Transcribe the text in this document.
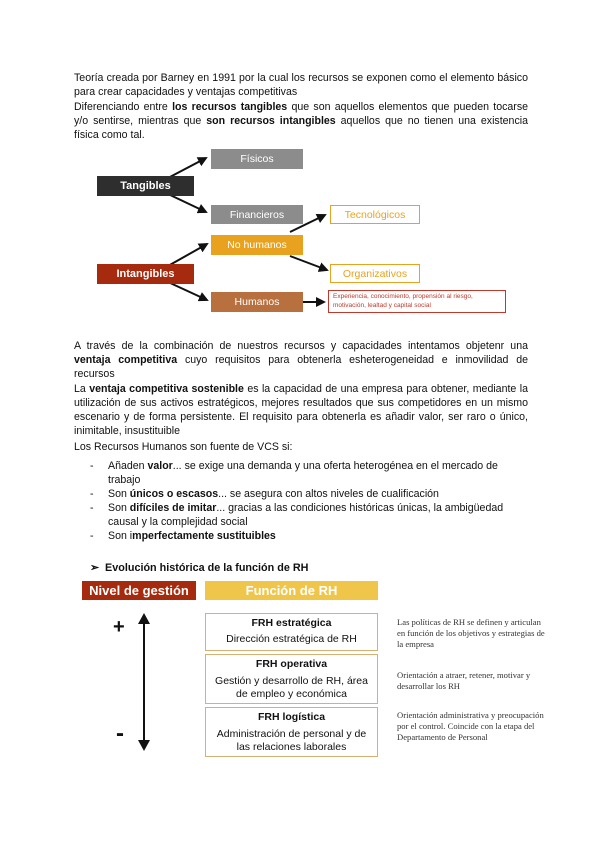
Teoría creada por Barney en 1991 por la cual los recursos se exponen como el elemento básico para crear capacidades y ventajas competitivas
Diferenciando entre los recursos tangibles que son aquellos elementos que pueden tocarse y/o sentirse, mientras que son recursos intangibles aquellos que no tienen una existencia física como tal.
Tangibles
Intangibles
Físicos
Financieros
No humanos
Humanos
Tecnológicos
Organizativos
Experiencia, conocimiento, propensión al riesgo, motivación, lealtad y capital social
A través de la combinación de nuestros recursos y capacidades intentamos objetenr una ventaja competitiva cuyo requisitos para obtenerla esheterogeneidad e inmovilidad de recursos
La ventaja competitiva sostenible es la capacidad de una empresa para obtener, mediante la utilización de sus activos estratégicos, mejores resultados que sus competidores en un mismo escenario y de forma persistente. El requisito para obtenerla es añadir valor, ser raro o único, inimitable, insustituible
Los Recursos Humanos son fuente de VCS si:
- Añaden valor... se exige una demanda y una oferta heterogénea en el mercado de trabajo
- Son únicos o escasos... se asegura con altos niveles de cualificación
- Son difíciles de imitar... gracias a las condiciones históricas únicas, la ambigüedad causal y la complejidad social
- Son imperfectamente sustituibles
➢ Evolución histórica de la función de RH
Nivel de gestión	Función de RH
+
-
FRH estratégica
Dirección estratégica de RH
FRH operativa
Gestión y desarrollo de RH, área de empleo y económica
FRH logística
Administración de personal y de las relaciones laborales
Las políticas de RH se definen y articulan en función de los objetivos y estrategias de la empresa
Orientación a atraer, retener, motivar y desarrollar los RH
Orientación administrativa y preocupación por el control. Coincide con la etapa del Departamento de Personal
